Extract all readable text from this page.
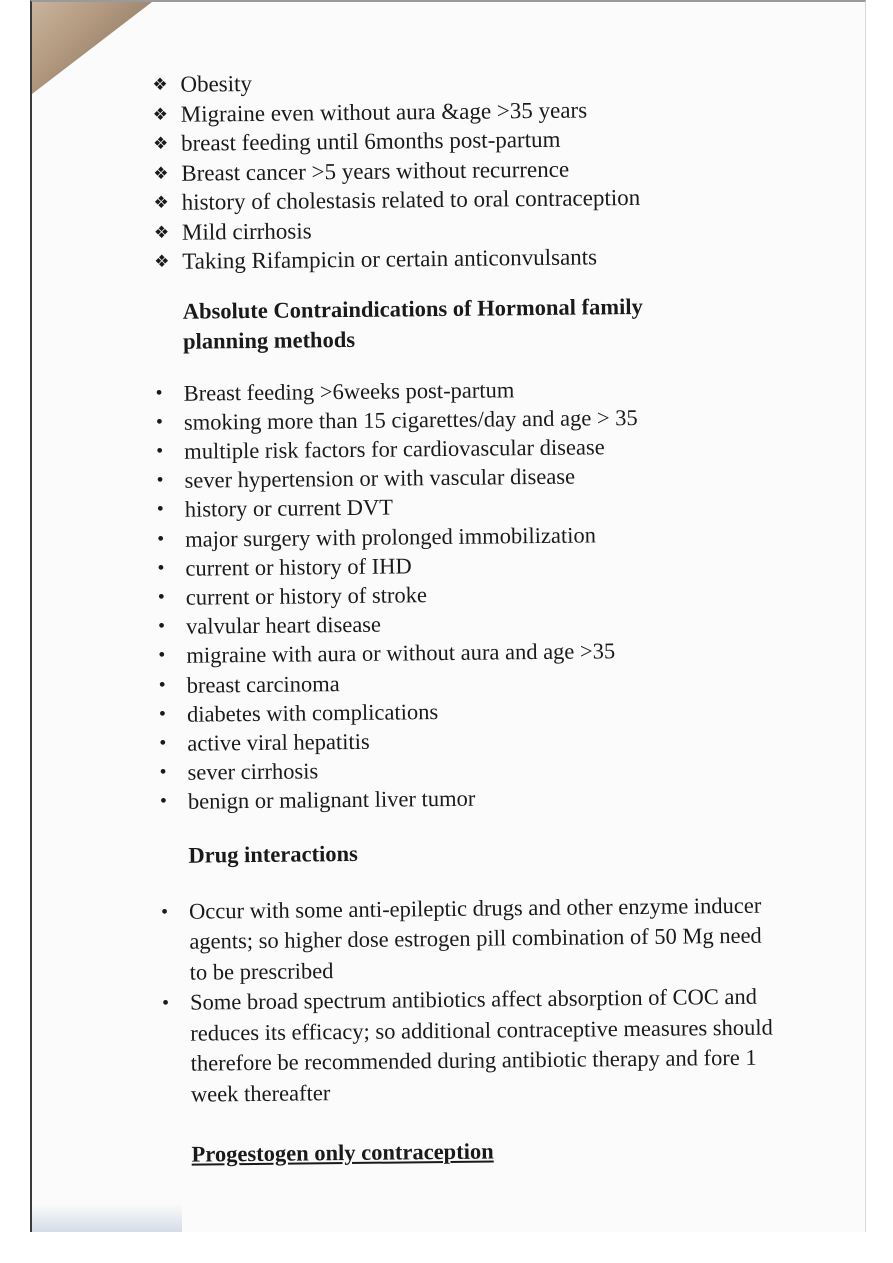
❖ Obesity
❖ Migraine even without aura &age >35 years
❖ breast feeding until 6months post-partum
❖ Breast cancer >5 years without recurrence
❖ history of cholestasis related to oral contraception
❖ Mild cirrhosis
❖ Taking Rifampicin or certain anticonvulsants
Absolute Contraindications of Hormonal family planning methods
• Breast feeding >6weeks post-partum
• smoking more than 15 cigarettes/day and age > 35
• multiple risk factors for cardiovascular disease
• sever hypertension or with vascular disease
• history or current DVT
• major surgery with prolonged immobilization
• current or history of IHD
• current or history of stroke
• valvular heart disease
• migraine with aura or without aura and age >35
• breast carcinoma
• diabetes with complications
• active viral hepatitis
• sever cirrhosis
• benign or malignant liver tumor
Drug interactions
• Occur with some anti-epileptic drugs and other enzyme inducer agents; so higher dose estrogen pill combination of 50 Mg need to be prescribed
• Some broad spectrum antibiotics affect absorption of COC and reduces its efficacy; so additional contraceptive measures should therefore be recommended during antibiotic therapy and fore 1 week thereafter
Progestogen only contraception
